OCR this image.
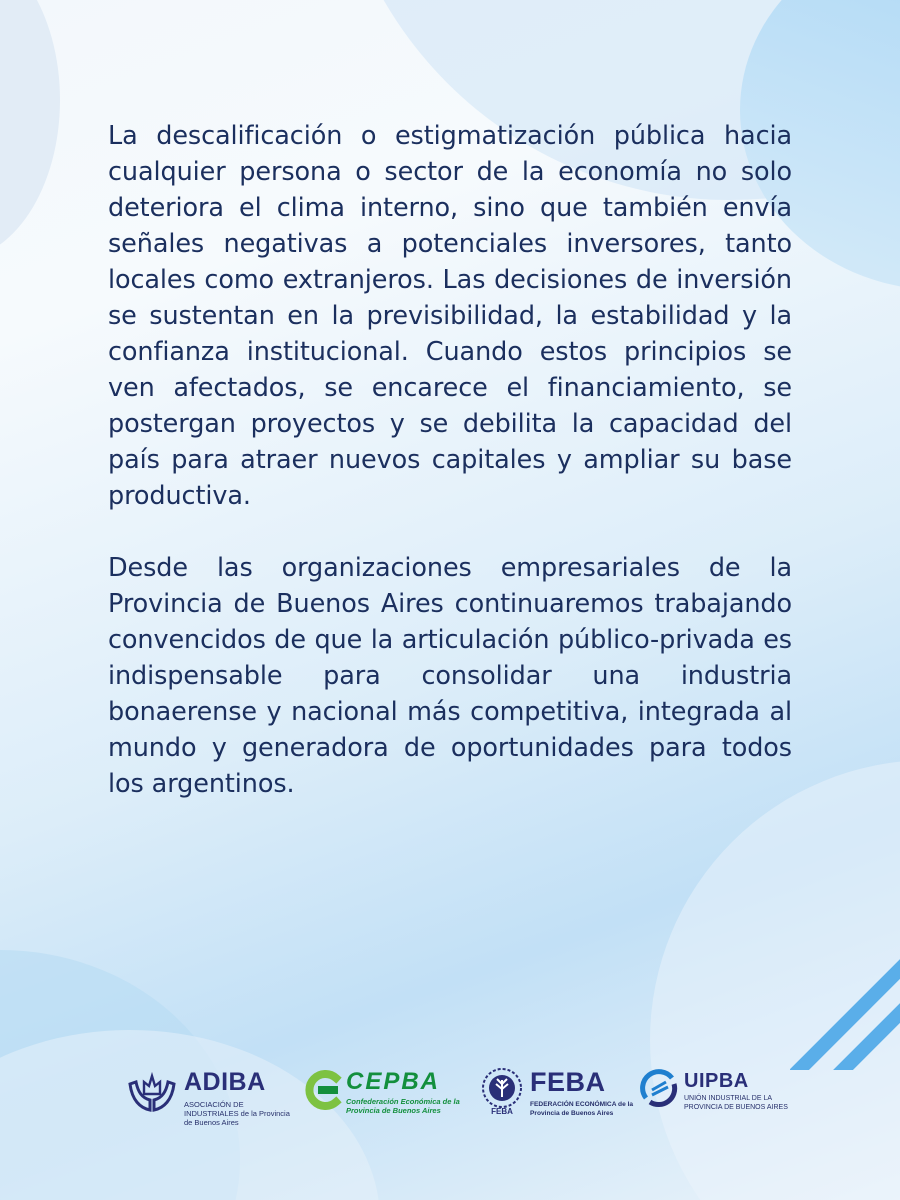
La descalificación o estigmatización pública hacia cualquier persona o sector de la economía no solo deteriora el clima interno, sino que también envía señales negativas a potenciales inversores, tanto locales como extranjeros. Las decisiones de inversión se sustentan en la previsibilidad, la estabilidad y la confianza institucional. Cuando estos principios se ven afectados, se encarece el financiamiento, se postergan proyectos y se debilita la capacidad del país para atraer nuevos capitales y ampliar su base productiva.

Desde las organizaciones empresariales de la Provincia de Buenos Aires continuaremos trabajando convencidos de que la articulación público-privada es indispensable para consolidar una industria bonaerense y nacional más competitiva, integrada al mundo y generadora de oportunidades para todos los argentinos.

ADIBA
ASOCIACIÓN DE INDUSTRIALES de la Provincia de Buenos Aires
CEPBA
Confederación Económica de la Provincia de Buenos Aires	FEBA
FEBA
FEDERACIÓN ECONÓMICA de la Provincia de Buenos Aires
UIPBA
UNIÓN INDUSTRIAL DE LA PROVINCIA DE BUENOS AIRES
